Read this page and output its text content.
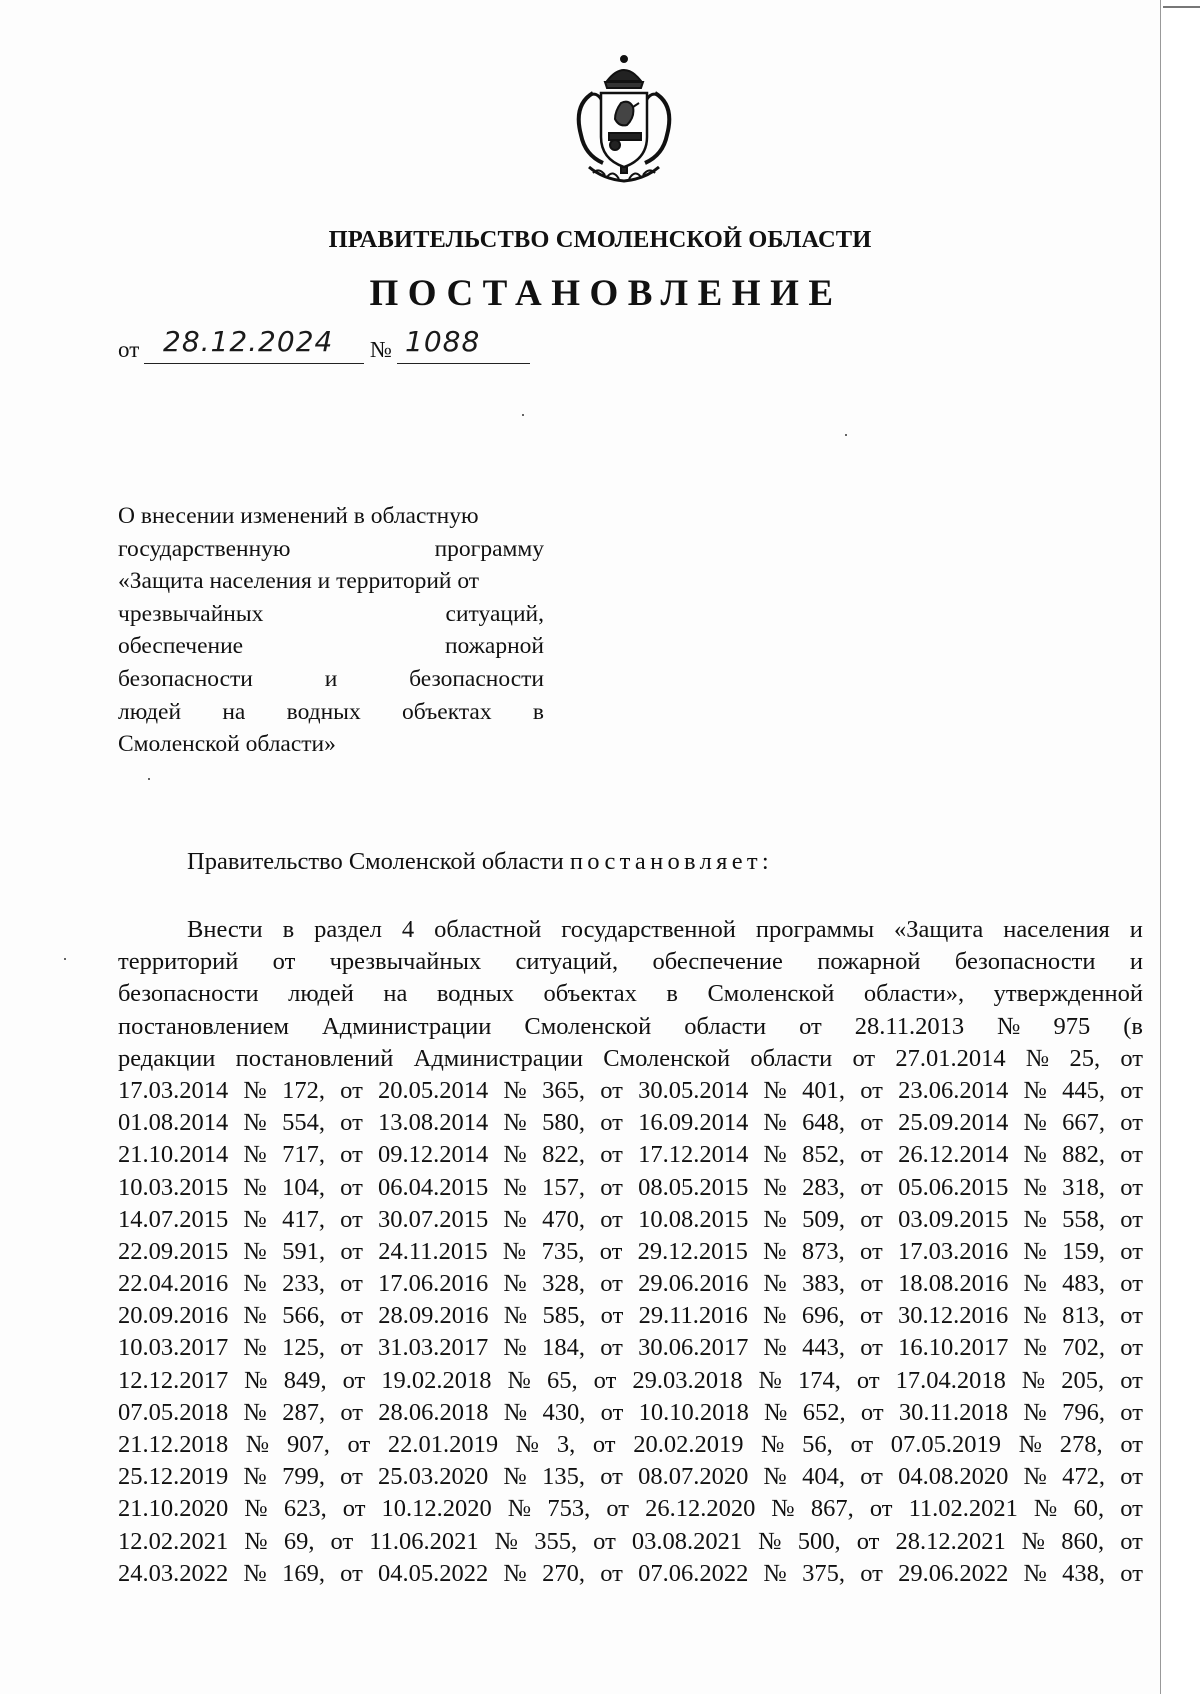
ПРАВИТЕЛЬСТВО СМОЛЕНСКОЙ ОБЛАСТИ
ПОСТАНОВЛЕНИЕ
от 28.12.2024 № 1088
О внесении изменений в областную
государственную	программу
«Защита населения и территорий от
чрезвычайных	ситуаций,
обеспечение	пожарной
безопасности	и	безопасности
людей на водных объектах в
Смоленской области»
Правительство Смоленской области постановляет:
Внести в раздел 4 областной государственной программы «Защита населения и
территорий от чрезвычайных ситуаций, обеспечение пожарной безопасности и
безопасности людей на водных объектах в Смоленской области», утвержденной
постановлением Администрации Смоленской области от 28.11.2013 № 975 (в
редакции постановлений Администрации Смоленской области от 27.01.2014 № 25, от
17.03.2014 № 172, от 20.05.2014 № 365, от 30.05.2014 № 401, от 23.06.2014 № 445, от
01.08.2014 № 554, от 13.08.2014 № 580, от 16.09.2014 № 648, от 25.09.2014 № 667, от
21.10.2014 № 717, от 09.12.2014 № 822, от 17.12.2014 № 852, от 26.12.2014 № 882, от
10.03.2015 № 104, от 06.04.2015 № 157, от 08.05.2015 № 283, от 05.06.2015 № 318, от
14.07.2015 № 417, от 30.07.2015 № 470, от 10.08.2015 № 509, от 03.09.2015 № 558, от
22.09.2015 № 591, от 24.11.2015 № 735, от 29.12.2015 № 873, от 17.03.2016 № 159, от
22.04.2016 № 233, от 17.06.2016 № 328, от 29.06.2016 № 383, от 18.08.2016 № 483, от
20.09.2016 № 566, от 28.09.2016 № 585, от 29.11.2016 № 696, от 30.12.2016 № 813, от
10.03.2017 № 125, от 31.03.2017 № 184, от 30.06.2017 № 443, от 16.10.2017 № 702, от
12.12.2017 № 849, от 19.02.2018 № 65, от 29.03.2018 № 174, от 17.04.2018 № 205, от
07.05.2018 № 287, от 28.06.2018 № 430, от 10.10.2018 № 652, от 30.11.2018 № 796, от
21.12.2018 № 907, от 22.01.2019 № 3, от 20.02.2019 № 56, от 07.05.2019 № 278, от
25.12.2019 № 799, от 25.03.2020 № 135, от 08.07.2020 № 404, от 04.08.2020 № 472, от
21.10.2020 № 623, от 10.12.2020 № 753, от 26.12.2020 № 867, от 11.02.2021 № 60, от
12.02.2021 № 69, от 11.06.2021 № 355, от 03.08.2021 № 500, от 28.12.2021 № 860, от
24.03.2022 № 169, от 04.05.2022 № 270, от 07.06.2022 № 375, от 29.06.2022 № 438, от
